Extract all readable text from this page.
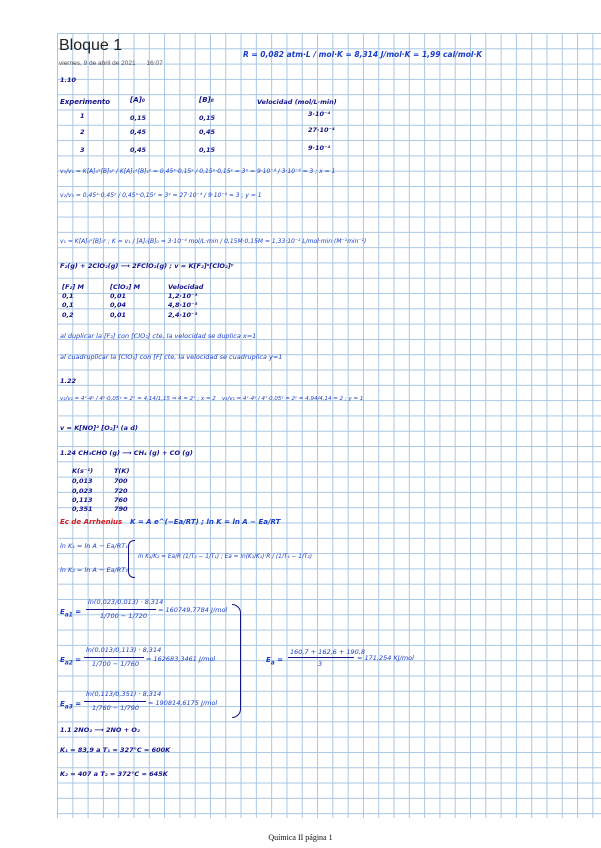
Bloque 1
viernes, 9 de abril de 2021 16:07
R = 0,082 atm·L / mol·K = 8,314 J/mol·K = 1,99 cal/mol·K
1.10
Experimento	[A]₀	[B]₀	Velocidad (mol/L·min)
1	0,15	0,15	3·10⁻⁴
2	0,45	0,45	27·10⁻⁴
3	0,45	0,15	9·10⁻⁴
v₃/v₁ = K[A]₃ˣ[B]₃ʸ / K[A]₁ˣ[B]₁ʸ = 0,45ˣ·0,15ʸ / 0,15ˣ·0,15ʸ = 3ˣ = 9·10⁻⁴ / 3·10⁻⁴ = 3 ; x = 1
v₂/v₃ = 0,45ˣ·0,45ʸ / 0,45ˣ·0,15ʸ = 3ʸ = 27·10⁻⁴ / 9·10⁻⁴ = 3 ; y = 1
v₁ = K[A]₀ˣ[B]₀ʸ ; K = v₁ / [A]₀[B]₀ = 3·10⁻⁴ mol/L·min / 0,15M·0,15M = 1,33·10⁻² L/mol·min (M⁻¹min⁻¹)
F₂(g) + 2ClO₂(g) ⟶ 2FClO₂(g) ; v = K[F₂]ˣ[ClO₂]ʸ
[F₂] M	[ClO₂] M	Velocidad
0,1	0,01	1,2·10⁻³
0,1	0,04	4,8·10⁻³
0,2	0,01	2,4·10⁻³
al duplicar la [F₂] con [ClO₂] cte, la velocidad se duplica x=1
al cuadruplicar la [ClO₂] con [F] cte, la velocidad se cuadruplica y=1
1.22
v₂/v₁ = 4ˣ·4ᵞ / 4ˣ·0,05ᵞ = 2ˣ = 4,14/1,15 ⇒ 4 = 2ˣ ; x = 2 v₃/v₁ = 4ˣ·4ᵞ / 4ˣ·0,05ᵞ = 2ᵞ = 4,94/4,14 = 2 ; y = 1
v = K[NO]² [O₂]¹ (a d)
1.24 CH₃CHO (g) ⟶ CH₄ (g) + CO (g)
K(s⁻¹)	T(K)
0,013	700
0,023	720
0,113	760
0,351	790
Ec de Arrhenius K = A e^(−Ea/RT) ; ln K = ln A − Ea/RT
ln K₁ = ln A − Ea/RT₁
ln K₂ = ln A − Ea/RT₂
ln K₁/K₂ = Ea/R (1/T₂ − 1/T₁) ; Ea = ln(K₂/K₁)·R / (1/T₁ − 1/T₂)
$E_{a1}$ =
ln(0,023/0,013) · 8,314
1/700 − 1/720
= 160749,7784 J/mol
$E_{a2}$ =
ln(0,013/0,113) · 8,314
1/700 − 1/760
= 162683,3461 J/mol
$E_{a3}$ =
ln(0,113/0,351) · 8,314
1/760 − 1/790
= 190814,6175 J/mol
$E_a$ =
160,7 + 162,6 + 190,8
3
= 171,254 KJ/mol
1.1 2NO₂ ⟶ 2NO + O₂
K₁ = 83,9 a T₁ = 327°C = 600K
K₂ = 407 a T₂ = 372°C = 645K
Química II página 1
